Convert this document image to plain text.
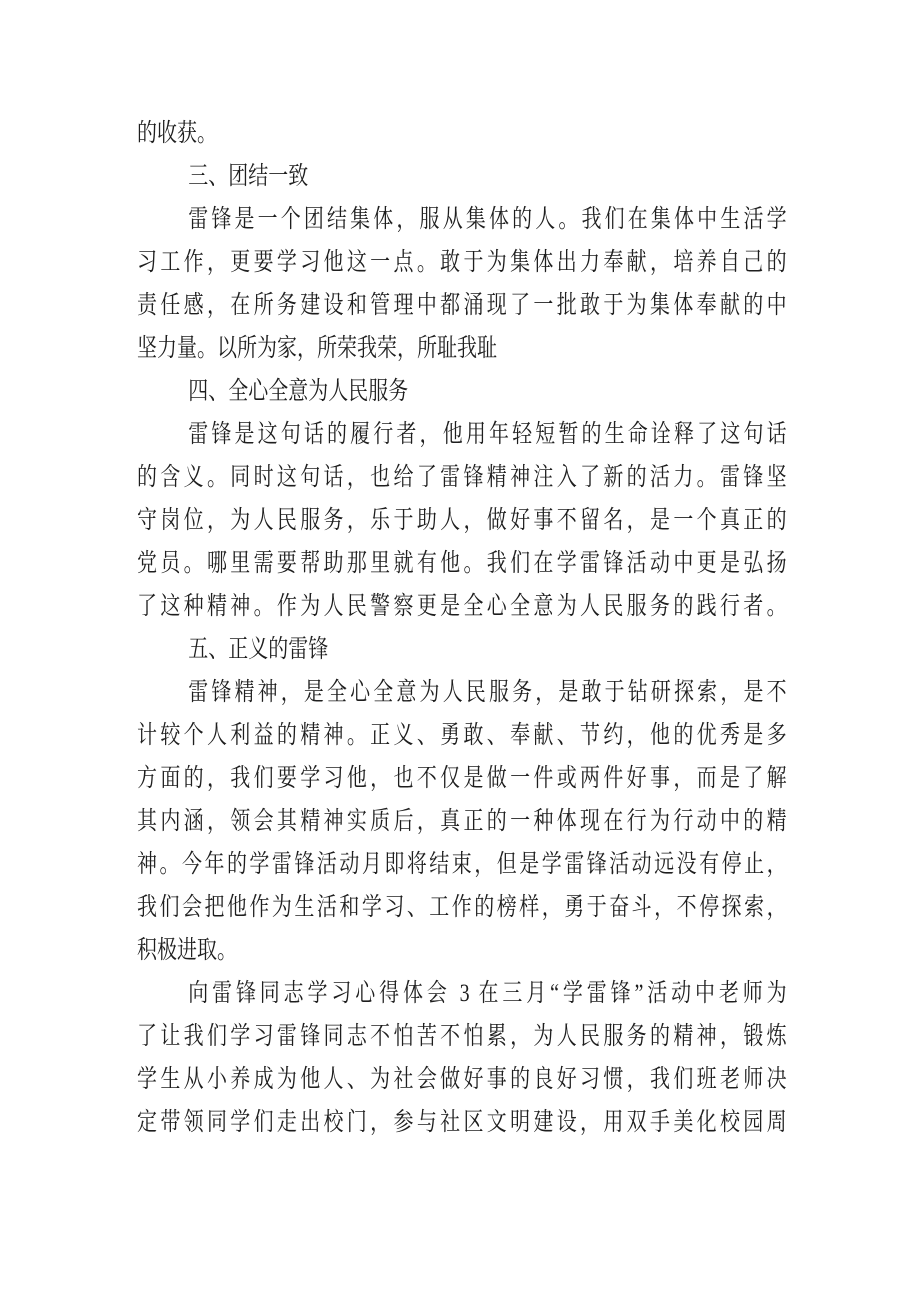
的收获。
三、团结一致
雷锋是一个团结集体，服从集体的人。我们在集体中生活学
习工作，更要学习他这一点。敢于为集体出力奉献，培养自己的
责任感，在所务建设和管理中都涌现了一批敢于为集体奉献的中
坚力量。以所为家，所荣我荣，所耻我耻
四、全心全意为人民服务
雷锋是这句话的履行者，他用年轻短暂的生命诠释了这句话
的含义。同时这句话，也给了雷锋精神注入了新的活力。雷锋坚
守岗位，为人民服务，乐于助人，做好事不留名，是一个真正的
党员。哪里需要帮助那里就有他。我们在学雷锋活动中更是弘扬
了这种精神。作为人民警察更是全心全意为人民服务的践行者。
五、正义的雷锋
雷锋精神，是全心全意为人民服务，是敢于钻研探索，是不
计较个人利益的精神。正义、勇敢、奉献、节约，他的优秀是多
方面的，我们要学习他，也不仅是做一件或两件好事，而是了解
其内涵，领会其精神实质后，真正的一种体现在行为行动中的精
神。今年的学雷锋活动月即将结束，但是学雷锋活动远没有停止，
我们会把他作为生活和学习、工作的榜样，勇于奋斗，不停探索，
积极进取。
向雷锋同志学习心得体会 3 在三月“学雷锋”活动中老师为
了让我们学习雷锋同志不怕苦不怕累，为人民服务的精神，锻炼
学生从小养成为他人、为社会做好事的良好习惯，我们班老师决
定带领同学们走出校门，参与社区文明建设，用双手美化校园周
